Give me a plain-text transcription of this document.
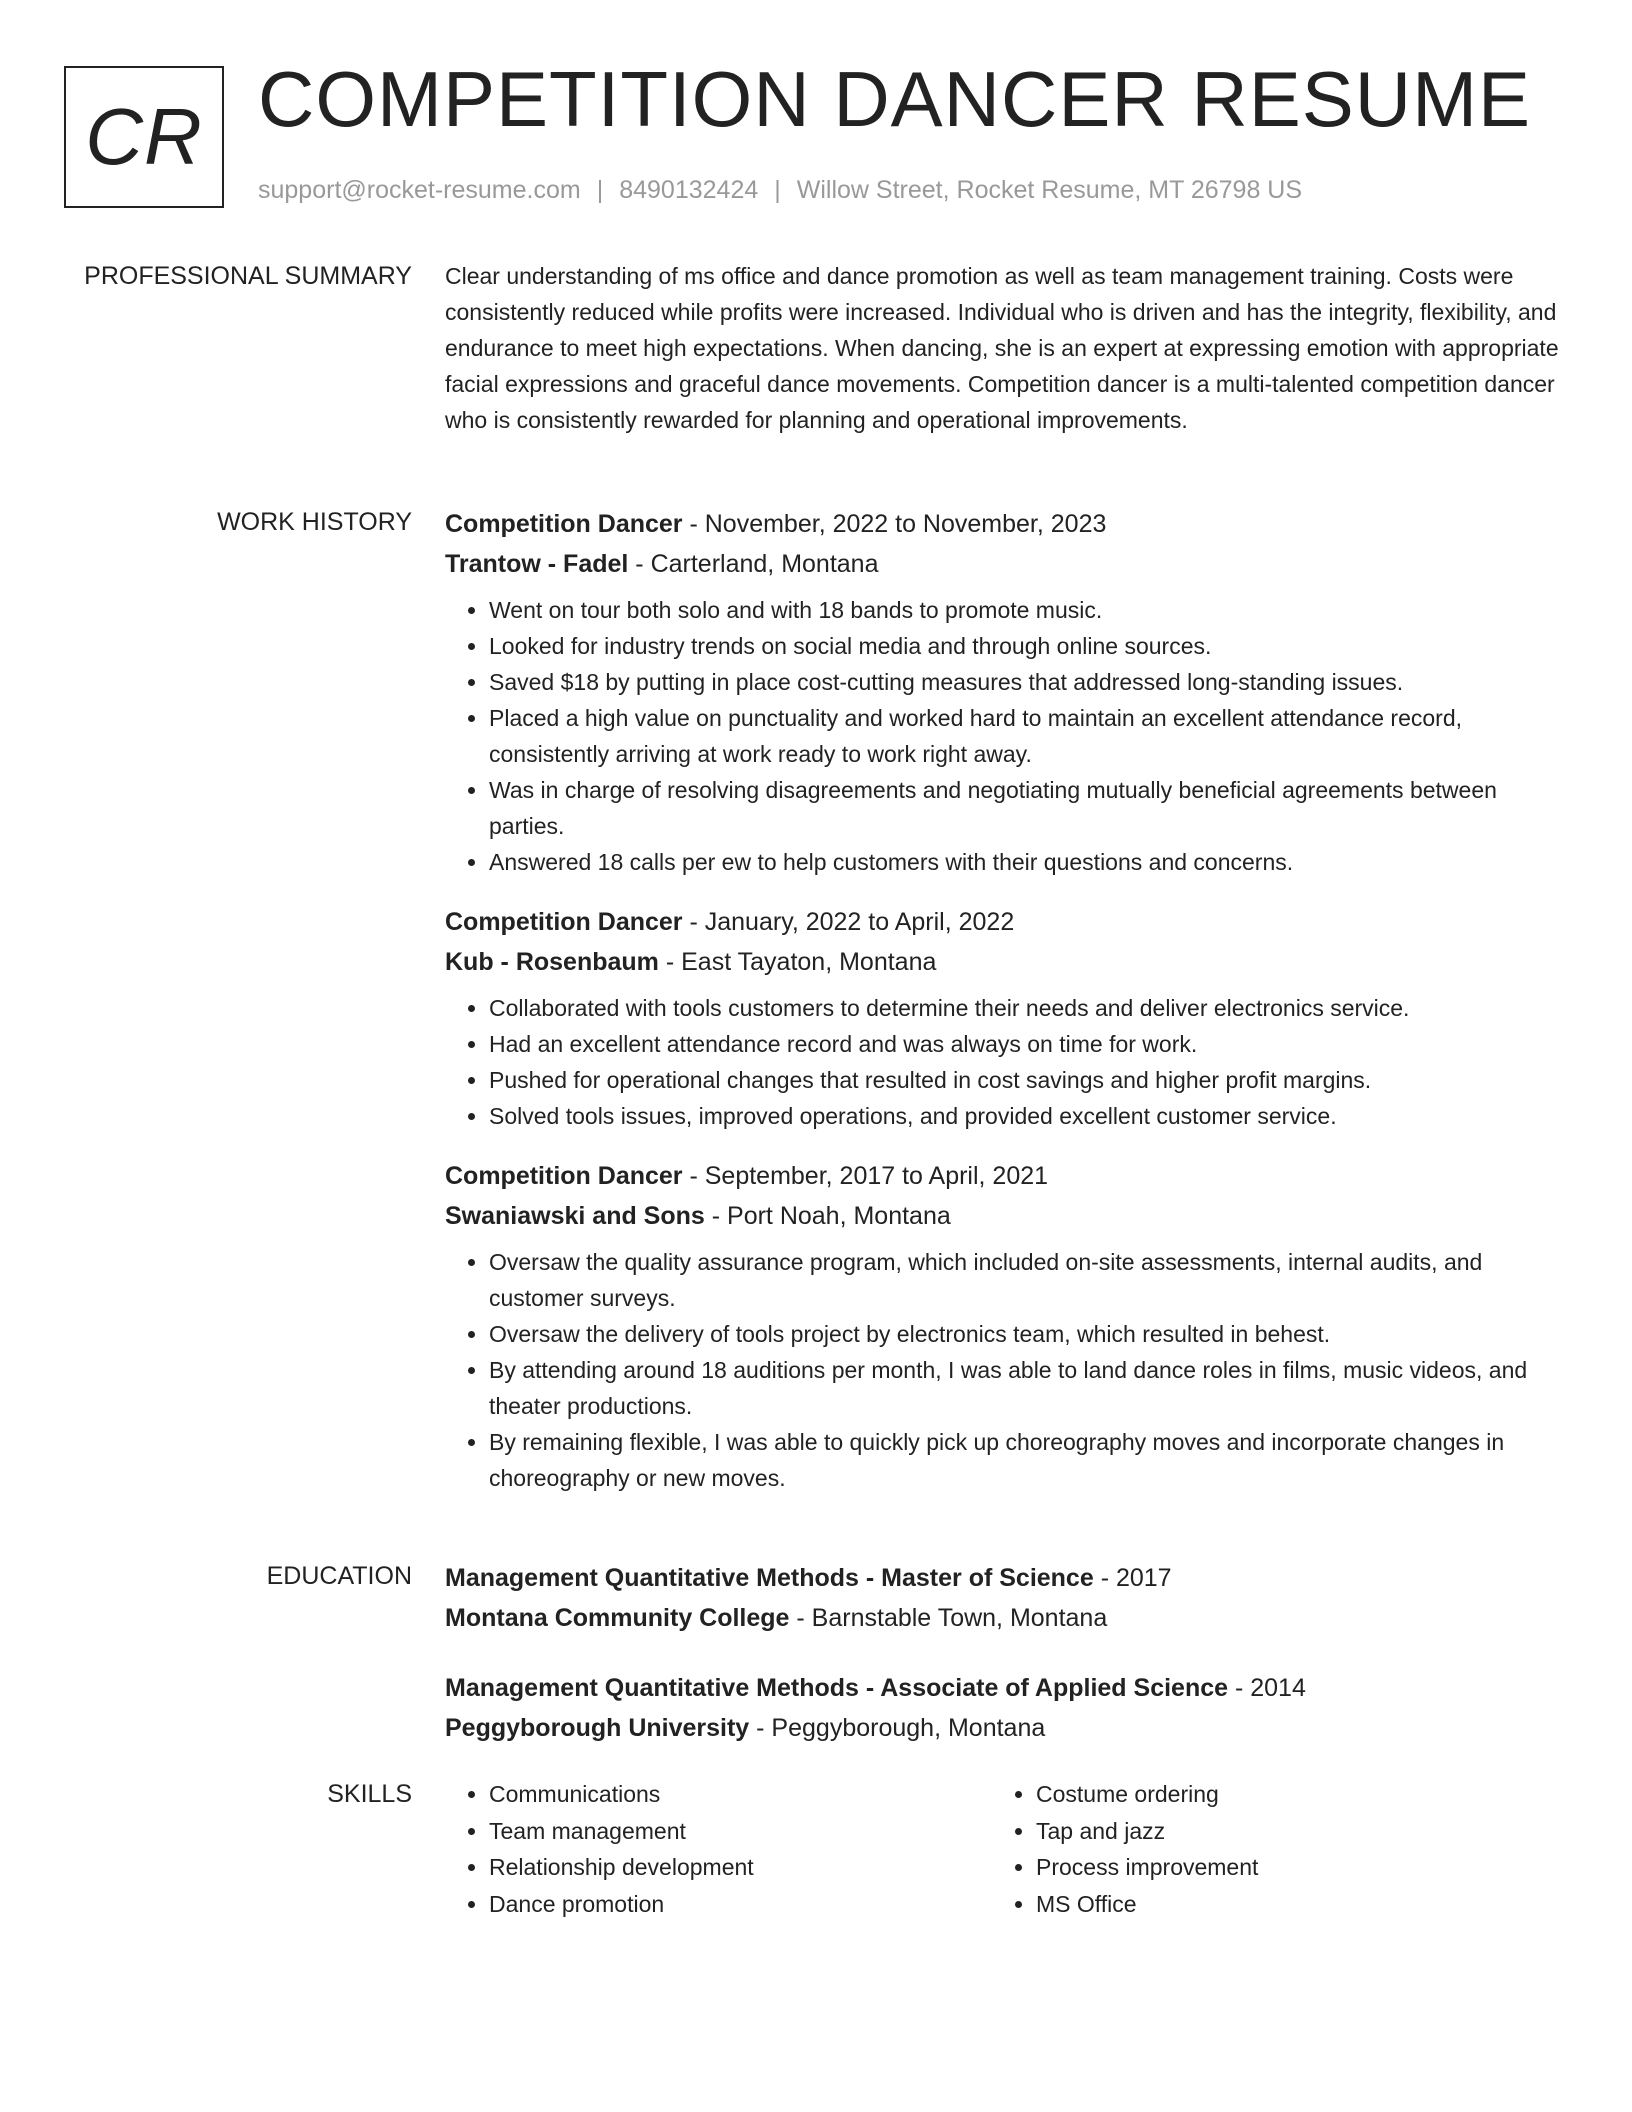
CR COMPETITION DANCER RESUME
support@rocket-resume.com | 8490132424 | Willow Street, Rocket Resume, MT 26798 US
PROFESSIONAL SUMMARY Clear understanding of ms office and dance promotion as well as team management training. Costs were consistently reduced while profits were increased. Individual who is driven and has the integrity, flexibility, and endurance to meet high expectations. When dancing, she is an expert at expressing emotion with appropriate facial expressions and graceful dance movements. Competition dancer is a multi-talented competition dancer who is consistently rewarded for planning and operational improvements.

WORK HISTORY Competition Dancer - November, 2022 to November, 2023
Trantow - Fadel - Carterland, Montana
• Went on tour both solo and with 18 bands to promote music.
• Looked for industry trends on social media and through online sources.
• Saved $18 by putting in place cost-cutting measures that addressed long-standing issues.
• Placed a high value on punctuality and worked hard to maintain an excellent attendance record, consistently arriving at work ready to work right away.
• Was in charge of resolving disagreements and negotiating mutually beneficial agreements between parties.
• Answered 18 calls per ew to help customers with their questions and concerns.
Competition Dancer - January, 2022 to April, 2022
Kub - Rosenbaum - East Tayaton, Montana
• Collaborated with tools customers to determine their needs and deliver electronics service.
• Had an excellent attendance record and was always on time for work.
• Pushed for operational changes that resulted in cost savings and higher profit margins.
• Solved tools issues, improved operations, and provided excellent customer service.
Competition Dancer - September, 2017 to April, 2021
Swaniawski and Sons - Port Noah, Montana
• Oversaw the quality assurance program, which included on-site assessments, internal audits, and customer surveys.
• Oversaw the delivery of tools project by electronics team, which resulted in behest.
• By attending around 18 auditions per month, I was able to land dance roles in films, music videos, and theater productions.
• By remaining flexible, I was able to quickly pick up choreography moves and incorporate changes in choreography or new moves.
EDUCATION Management Quantitative Methods - Master of Science - 2017
Montana Community College - Barnstable Town, Montana
Management Quantitative Methods - Associate of Applied Science - 2014
Peggyborough University - Peggyborough, Montana
SKILLS
•	Communications
• Team management
• Relationship development
• Dance promotion
• Costume ordering
• Tap and jazz
• Process improvement
• MS Office
